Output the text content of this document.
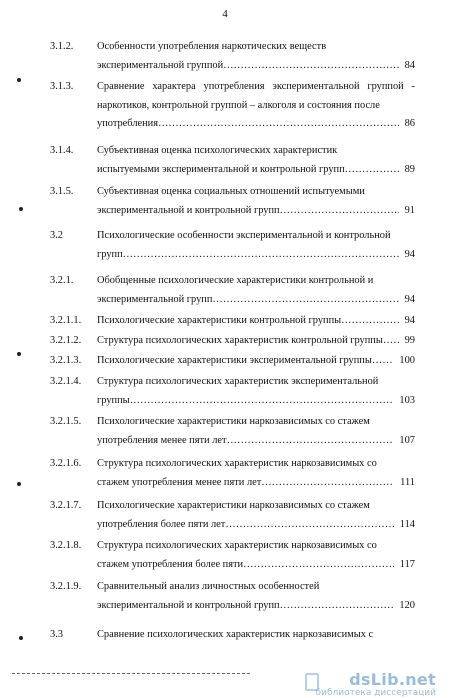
4
3.1.2.	Особенности употребления наркотических веществ
экспериментальной группой ………………………………………………………………………………………………………………	84
3.1.3.	Сравнение характера употребления экспериментальной группой - наркотиков, контрольной группой – алкоголя и состояния после
употребления ………………………………………………………………………………………………………………	86
3.1.4.	Субъективная оценка психологических характеристик
испытуемыми экспериментальной и контрольной групп ………………………………………………………………………………………………………………	89
3.1.5.	Субъективная оценка социальных отношений испытуемыми
экспериментальной и контрольной групп ………………………………………………………………………………………………………………	91
3.2	Психологические особенности экспериментальной и контрольной
групп ………………………………………………………………………………………………………………	94
3.2.1.	Обобщенные психологические характеристики контрольной и
экспериментальной групп ………………………………………………………………………………………………………………	94
3.2.1.1. Психологические характеристики контрольной группы ………………………………………………………………………………………………………………	94
3.2.1.2. Структура психологических характеристик контрольной группы ………………………………………………………………………………………………………………	99
3.2.1.3. Психологические характеристики экспериментальной группы ………………………………………………………………………………………………………………	100
3.2.1.4.	Структура психологических характеристик экспериментальной
группы ………………………………………………………………………………………………………………	103
3.2.1.5.	Психологические характеристики наркозависимых со стажем
употребления менее пяти лет ………………………………………………………………………………………………………………	107
3.2.1.6.	Структура психологических характеристик наркозависимых со
стажем употребления менее пяти лет ………………………………………………………………………………………………………………	111
3.2.1.7.	Психологические характеристики наркозависимых со стажем
употребления более пяти лет ………………………………………………………………………………………………………………	114
3.2.1.8.	Структура психологических характеристик наркозависимых со
стажем употребления более пяти ………………………………………………………………………………………………………………	117
3.2.1.9.	Сравнительный анализ личностных особенностей
экспериментальной и контрольной групп ………………………………………………………………………………………………………………	120
3.3	Сравнение психологических характеристик наркозависимых с
dsLib.net
библиотека диссертаций
